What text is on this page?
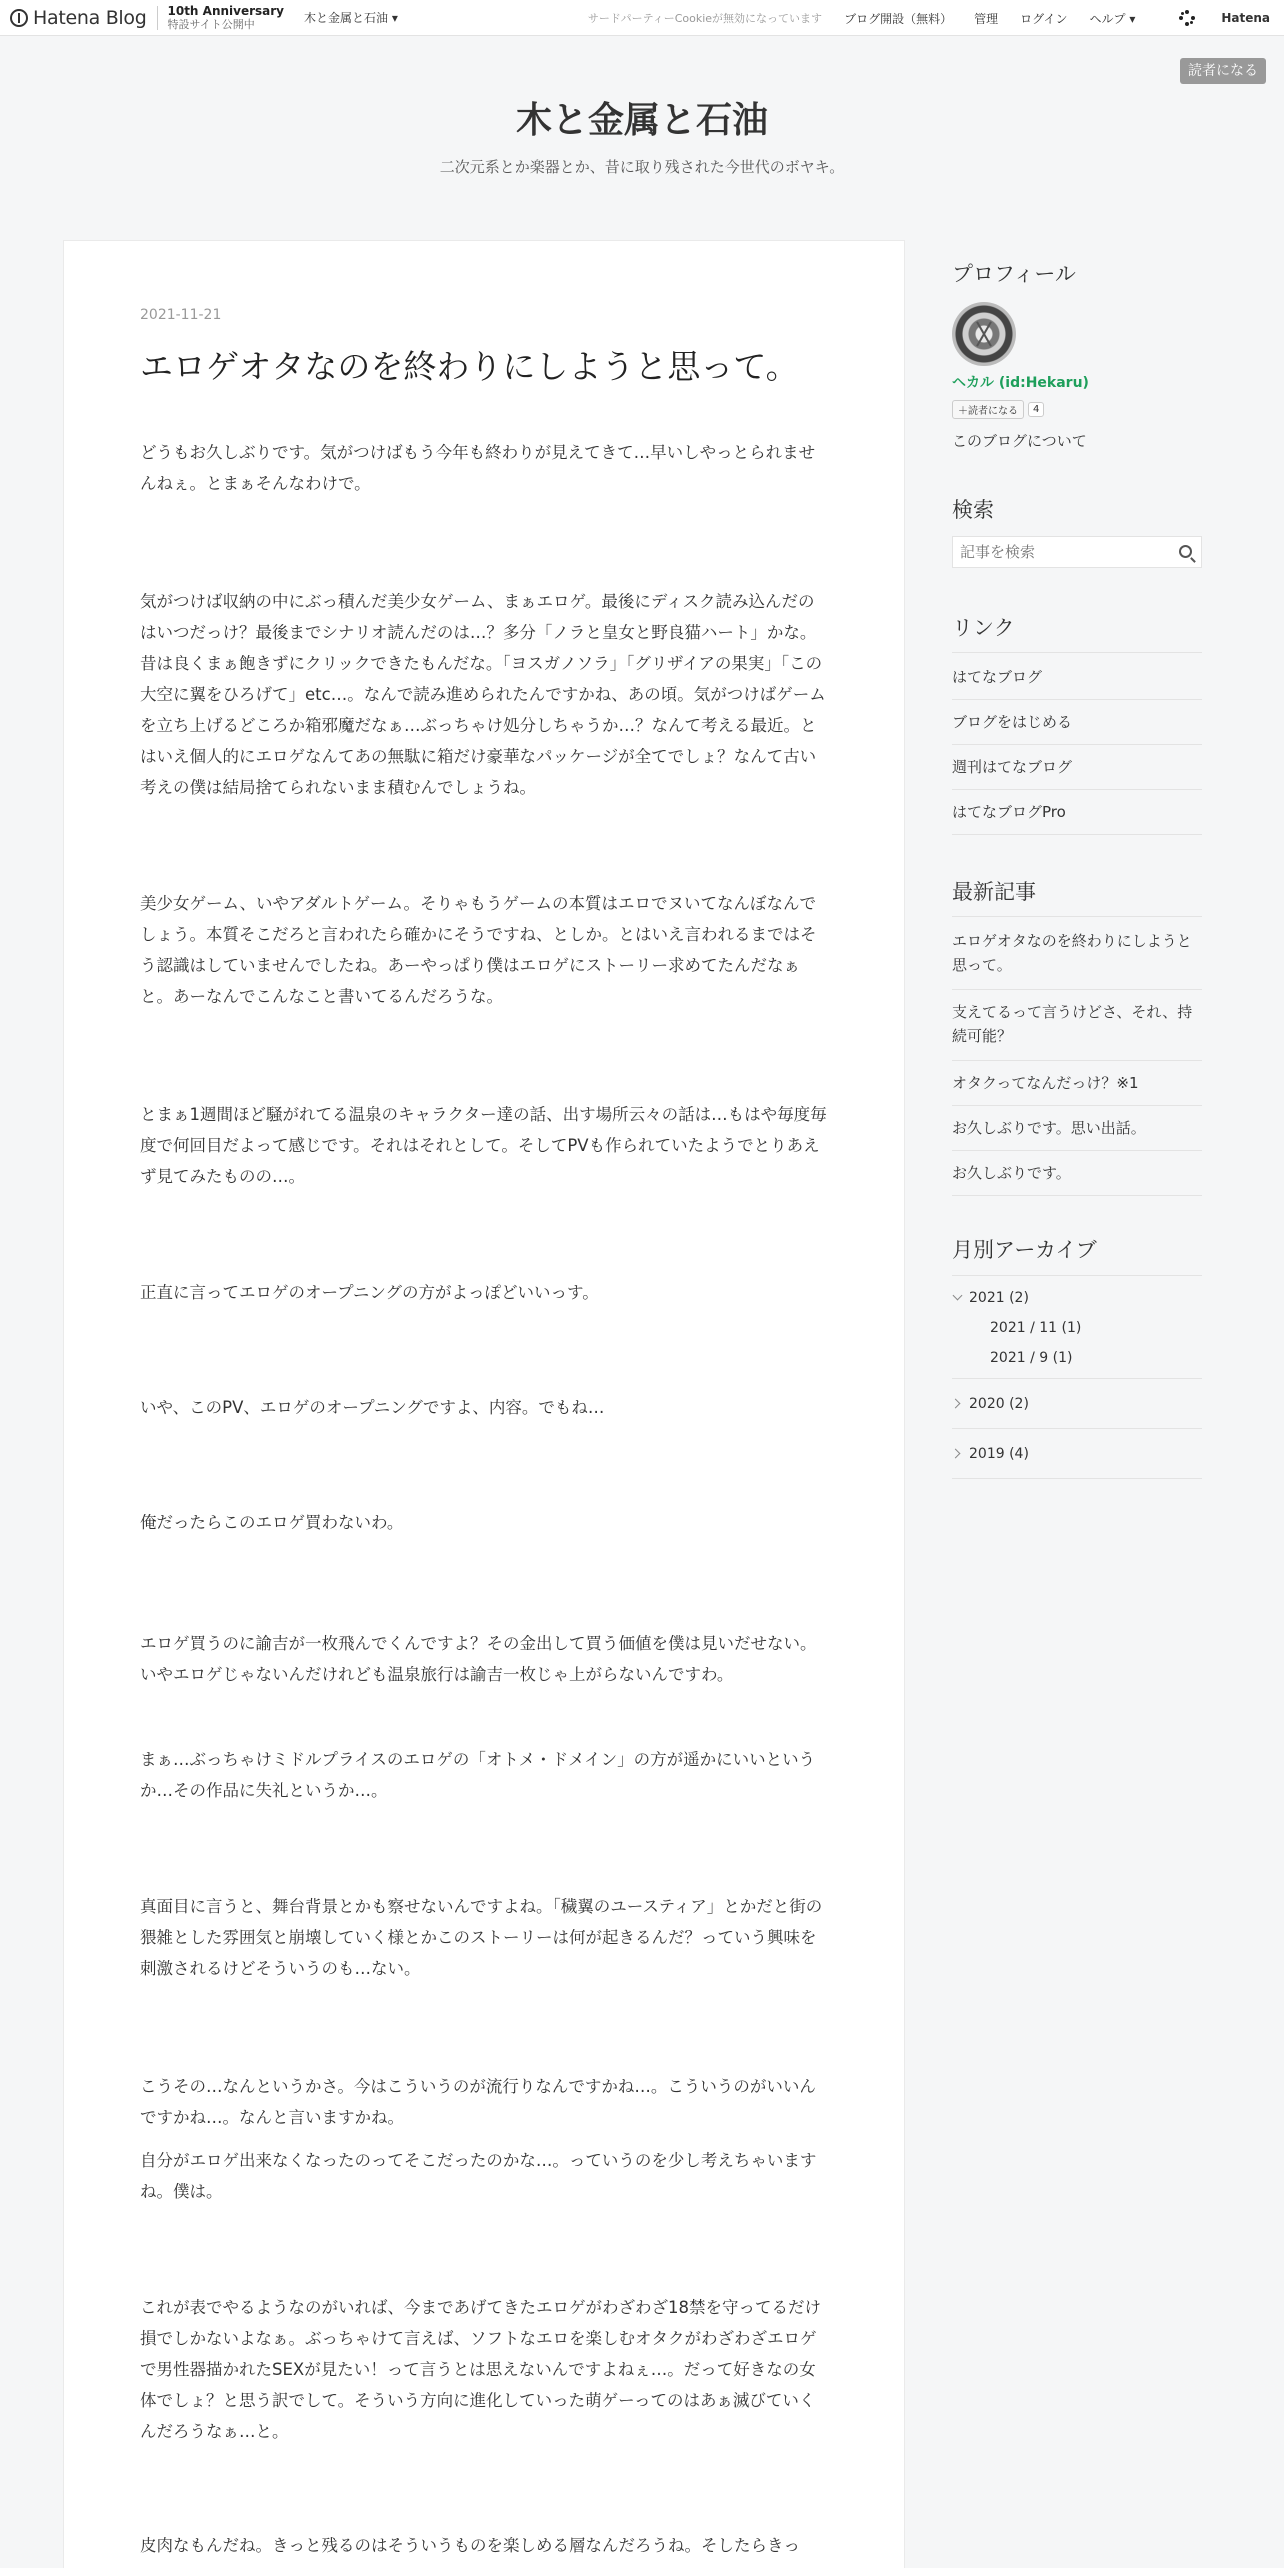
Hatena Blog 10th Anniversary
特設サイト公開中	木と金属と石油 ▾	サードパーティーCookieが無効になっています ブログ開設（無料） 管理 ログイン ヘルプ ▾	Hatena
読者になる
木と金属と石油
二次元系とか楽器とか、昔に取り残された今世代のボヤキ。
2021-11-21
エロゲオタなのを終わりにしようと思って。

どうもお久しぶりです。気がつけばもう今年も終わりが見えてきて…早いしやっとられませんねぇ。とまぁそんなわけで。

気がつけば収納の中にぶっ積んだ美少女ゲーム、まぁエロゲ。最後にディスク読み込んだのはいつだっけ？最後までシナリオ読んだのは…？多分「ノラと皇女と野良猫ハート」かな。昔は良くまぁ飽きずにクリックできたもんだな。「ヨスガノソラ」「グリザイアの果実」「この大空に翼をひろげて」etc…。なんで読み進められたんですかね、あの頃。気がつけばゲームを立ち上げるどころか箱邪魔だなぁ…ぶっちゃけ処分しちゃうか…？なんて考える最近。とはいえ個人的にエロゲなんてあの無駄に箱だけ豪華なパッケージが全てでしょ？なんて古い考えの僕は結局捨てられないまま積むんでしょうね。

美少女ゲーム、いやアダルトゲーム。そりゃもうゲームの本質はエロでヌいてなんぼなんでしょう。本質そこだろと言われたら確かにそうですね、としか。とはいえ言われるまではそう認識はしていませんでしたね。あーやっぱり僕はエロゲにストーリー求めてたんだなぁと。あーなんでこんなこと書いてるんだろうな。

とまぁ1週間ほど騒がれてる温泉のキャラクター達の話、出す場所云々の話は…もはや毎度毎度で何回目だよって感じです。それはそれとして。そしてPVも作られていたようでとりあえず見てみたものの…。

正直に言ってエロゲのオープニングの方がよっぽどいいっす。

いや、このPV、エロゲのオープニングですよ、内容。でもね…

俺だったらこのエロゲ買わないわ。

エロゲ買うのに諭吉が一枚飛んでくんですよ？その金出して買う価値を僕は見いだせない。いやエロゲじゃないんだけれども温泉旅行は諭吉一枚じゃ上がらないんですわ。

まぁ…ぶっちゃけミドルプライスのエロゲの「オトメ・ドメイン」の方が遥かにいいというか…その作品に失礼というか…。

真面目に言うと、舞台背景とかも察せないんですよね。「穢翼のユースティア」とかだと街の猥雑とした雰囲気と崩壊していく様とかこのストーリーは何が起きるんだ？っていう興味を刺激されるけどそういうのも…ない。

こうその…なんというかさ。今はこういうのが流行りなんですかね…。こういうのがいいんですかね…。なんと言いますかね。

自分がエロゲ出来なくなったのってそこだったのかな…。っていうのを少し考えちゃいますね。僕は。

これが表でやるようなのがいれば、今まであげてきたエロゲがわざわざ18禁を守ってるだけ損でしかないよなぁ。ぶっちゃけて言えば、ソフトなエロを楽しむオタクがわざわざエロゲで男性器描かれたSEXが見たい！って言うとは思えないんですよねぇ…。だって好きなの女体でしょ？と思う訳でして。そういう方向に進化していった萌ゲーってのはあぁ滅びていくんだろうなぁ…と。

皮肉なもんだね。きっと残るのはそういうものを楽しめる層なんだろうね。そしたらきっ

プロフィール
ヘカル (id:Hekaru)
＋読者になる	4
このブログについて
検索
記事を検索
リンク
はてなブログ
ブログをはじめる
週刊はてなブログ
はてなブログPro
最新記事
エロゲオタなのを終わりにしようと思って。
支えてるって言うけどさ、それ、持続可能？
オタクってなんだっけ？※1
お久しぶりです。思い出話。
お久しぶりです。
月別アーカイブ
2021 (2)
2021 / 11 (1)
2021 / 9 (1)
2020 (2)
2019 (4)
